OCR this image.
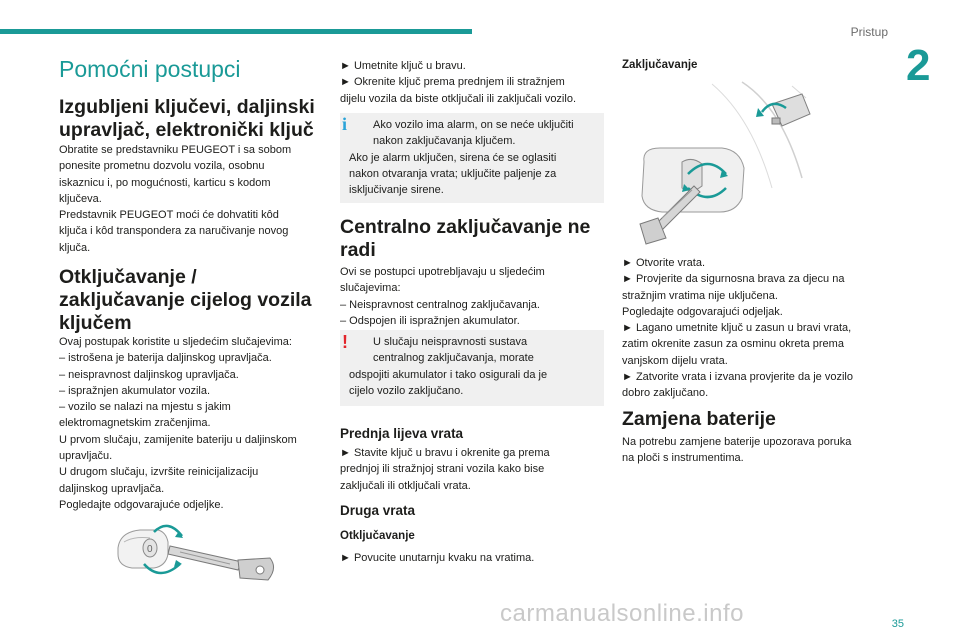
Pristup
2
Pomoćni postupci
Izgubljeni ključevi, daljinski
upravljač, elektronički ključ

Obratite se predstavniku PEUGEOT i sa sobom
ponesite prometnu dozvolu vozila, osobnu
iskaznicu i, po mogućnosti, karticu s kodom
ključeva.
Predstavnik PEUGEOT moći će dohvatiti kôd
ključa i kôd transpondera za naručivanje novog
ključa.

Otključavanje /
zaključavanje cijelog vozila
ključem

Ovaj postupak koristite u sljedećim slučajevima:
– istrošena je baterija daljinskog upravljača.
– neispravnost daljinskog upravljača.
– ispražnjen akumulator vozila.
– vozilo se nalazi na mjestu s jakim
elektromagnetskim zračenjima.
U prvom slučaju, zamijenite bateriju u daljinskom
upravljaču.
U drugom slučaju, izvršite reinicijalizaciju
daljinskog upravljača.
Pogledajte odgovarajuće odjeljke.

0

► Umetnite ključ u bravu.
► Okrenite ključ prema prednjem ili stražnjem
dijelu vozila da biste otključali ili zaključali vozilo.

i	Ako vozilo ima alarm, on se neće uključiti
nakon zaključavanja ključem.
Ako je alarm uključen, sirena će se oglasiti
nakon otvaranja vrata; uključite paljenje za
isključivanje sirene.

Centralno zaključavanje ne
radi

Ovi se postupci upotrebljavaju u sljedećim
slučajevima:
– Neispravnost centralnog zaključavanja.
– Odspojen ili ispražnjen akumulator.

!	U slučaju neispravnosti sustava
centralnog zaključavanja, morate
odspojiti akumulator i tako osigurali da je
cijelo vozilo zaključano.

Prednja lijeva vrata

► Stavite ključ u bravu i okrenite ga prema
prednjoj ili stražnjoj strani vozila kako bise
zaključali ili otključali vrata.

Druga vrata
Otključavanje

► Povucite unutarnju kvaku na vratima.

Zaključavanje

► Otvorite vrata.
► Provjerite da sigurnosna brava za djecu na
stražnjim vratima nije uključena.
Pogledajte odgovarajući odjeljak.
► Lagano umetnite ključ u zasun u bravi vrata,
zatim okrenite zasun za osminu okreta prema
vanjskom dijelu vrata.
► Zatvorite vrata i izvana provjerite da je vozilo
dobro zaključano.

Zamjena baterije

Na potrebu zamjene baterije upozorava poruka
na ploči s instrumentima.

carmanualsonline.info	35
